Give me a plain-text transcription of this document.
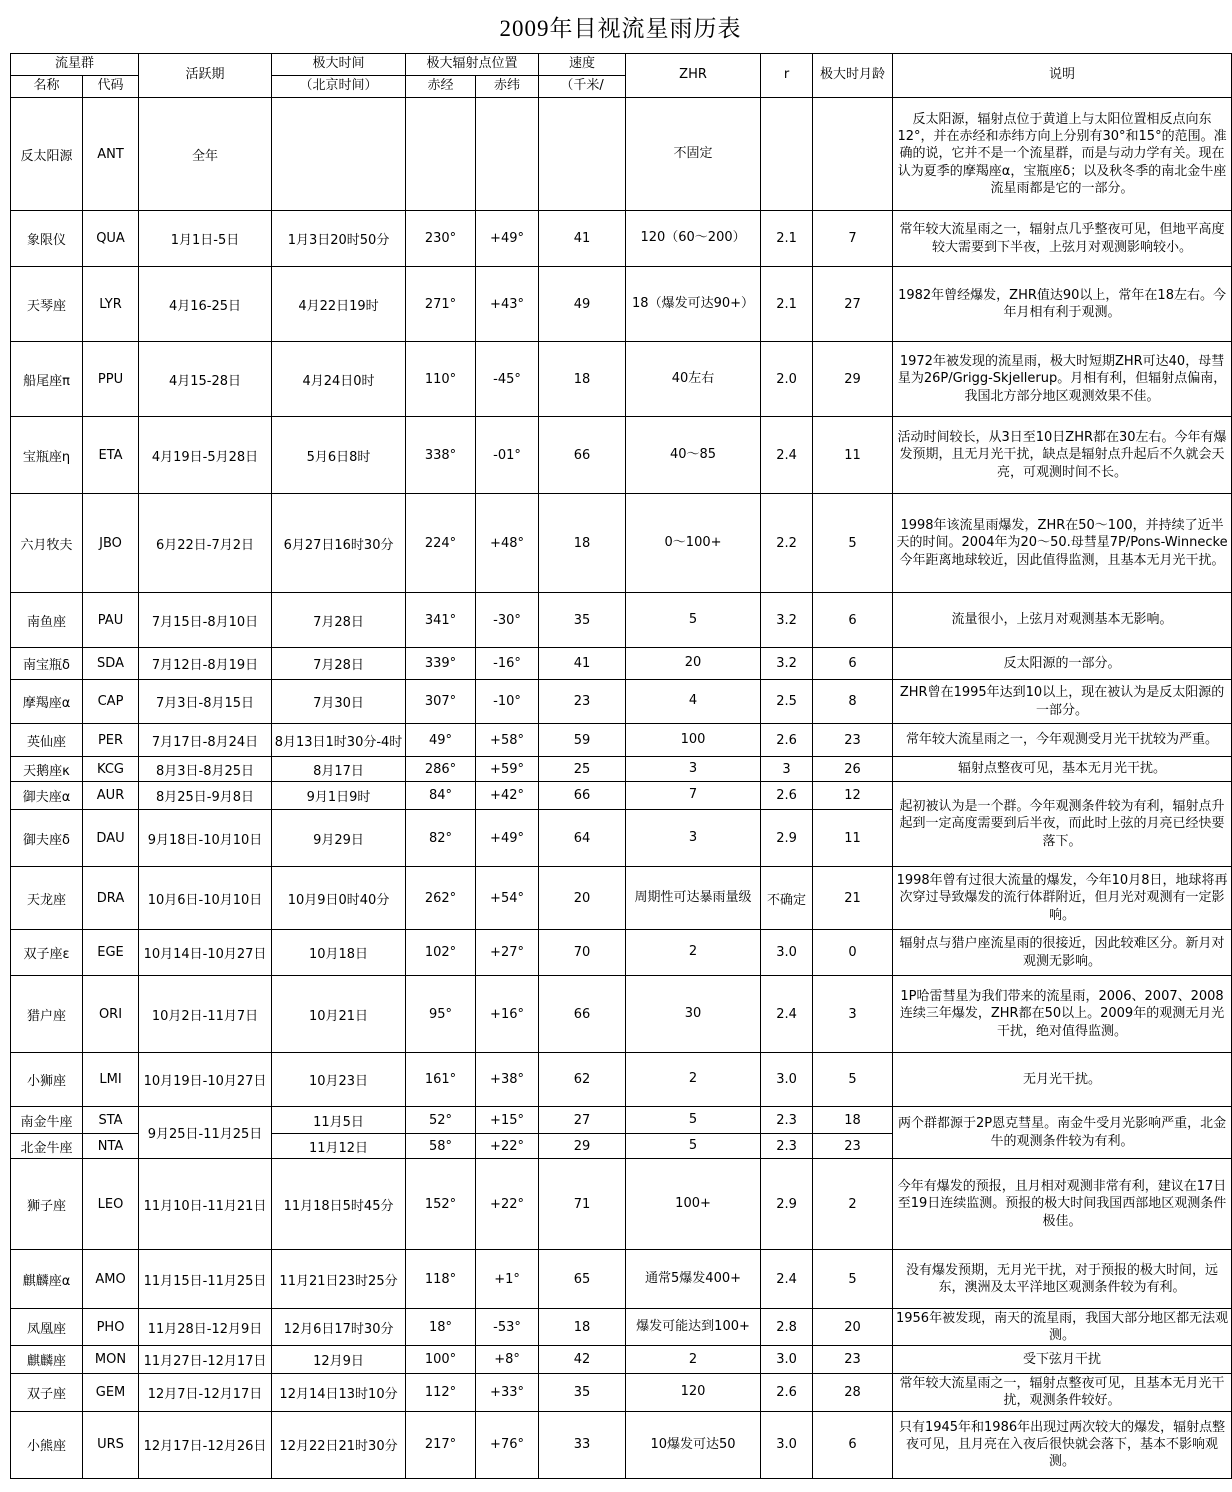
2009年目视流星雨历表
流星群		活跃期	极大时间	极大辐射点位置		速度	ZHR	r	极大时月龄	说明
名称	代码		（北京时间）	赤经	赤纬	（千米/				
反太阳源	ANT	全年					不固定			反太阳源，辐射点位于黄道上与太阳位置相反点向东12°，并在赤经和赤纬方向上分别有30°和15°的范围。准确的说，它并不是一个流星群，而是与动力学有关。现在认为夏季的摩羯座α，宝瓶座δ；以及秋冬季的南北金牛座流星雨都是它的一部分。
象限仪	QUA	1月1日-5日	1月3日20时50分	230°	+49°	41	120（60～200）	2.1	7	常年较大流星雨之一，辐射点几乎整夜可见，但地平高度较大需要到下半夜，上弦月对观测影响较小。
天琴座	LYR	4月16-25日	4月22日19时	271°	+43°	49	18（爆发可达90+）	2.1	27	1982年曾经爆发，ZHR值达90以上，常年在18左右。今年月相有利于观测。
船尾座π	PPU	4月15-28日	4月24日0时	110°	-45°	18	40左右	2.0	29	1972年被发现的流星雨，极大时短期ZHR可达40，母彗星为26P/Grigg-Skjellerup。月相有利，但辐射点偏南，我国北方部分地区观测效果不佳。
宝瓶座η	ETA	4月19日-5月28日	5月6日8时	338°	-01°	66	40～85	2.4	11	活动时间较长，从3日至10日ZHR都在30左右。今年有爆发预期，且无月光干扰，缺点是辐射点升起后不久就会天亮，可观测时间不长。
六月牧夫	JBO	6月22日-7月2日	6月27日16时30分	224°	+48°	18	0～100+	2.2	5	1998年该流星雨爆发，ZHR在50～100，并持续了近半天的时间。2004年为20～50.母彗星7P/Pons-Winnecke今年距离地球较近，因此值得监测，且基本无月光干扰。
南鱼座	PAU	7月15日-8月10日	7月28日	341°	-30°	35	5	3.2	6	流量很小，上弦月对观测基本无影响。
南宝瓶δ	SDA	7月12日-8月19日	7月28日	339°	-16°	41	20	3.2	6	反太阳源的一部分。
摩羯座α	CAP	7月3日-8月15日	7月30日	307°	-10°	23	4	2.5	8	ZHR曾在1995年达到10以上，现在被认为是反太阳源的一部分。
英仙座	PER	7月17日-8月24日	8月13日1时30分-4时	49°	+58°	59	100	2.6	23	常年较大流星雨之一，今年观测受月光干扰较为严重。
天鹅座κ	KCG	8月3日-8月25日	8月17日	286°	+59°	25	3	3	26	辐射点整夜可见，基本无月光干扰。
御夫座α	AUR	8月25日-9月8日	9月1日9时	84°	+42°	66	7	2.6	12	起初被认为是一个群。今年观测条件较为有利，辐射点升起到一定高度需要到后半夜，而此时上弦的月亮已经快要落下。
御夫座δ	DAU	9月18日-10月10日	9月29日	82°	+49°	64	3	2.9	11	
天龙座	DRA	10月6日-10月10日	10月9日0时40分	262°	+54°	20	周期性可达暴雨量级	不确定	21	1998年曾有过很大流量的爆发，今年10月8日，地球将再次穿过导致爆发的流行体群附近，但月光对观测有一定影响。
双子座ε	EGE	10月14日-10月27日	10月18日	102°	+27°	70	2	3.0	0	辐射点与猎户座流星雨的很接近，因此较难区分。新月对观测无影响。
猎户座	ORI	10月2日-11月7日	10月21日	95°	+16°	66	30	2.4	3	1P哈雷彗星为我们带来的流星雨，2006、2007、2008连续三年爆发，ZHR都在50以上。2009年的观测无月光干扰，绝对值得监测。
小狮座	LMI	10月19日-10月27日	10月23日	161°	+38°	62	2	3.0	5	无月光干扰。
南金牛座	STA	9月25日-11月25日	11月5日	52°	+15°	27	5	2.3	18	两个群都源于2P恩克彗星。南金牛受月光影响严重，北金牛的观测条件较为有利。
北金牛座	NTA		11月12日	58°	+22°	29	5	2.3	23	
狮子座	LEO	11月10日-11月21日	11月18日5时45分	152°	+22°	71	100+	2.9	2	今年有爆发的预报，且月相对观测非常有利，建议在17日至19日连续监测。预报的极大时间我国西部地区观测条件极佳。
麒麟座α	AMO	11月15日-11月25日	11月21日23时25分	118°	+1°	65	通常5爆发400+	2.4	5	没有爆发预期，无月光干扰，对于预报的极大时间，远东，澳洲及太平洋地区观测条件较为有利。
凤凰座	PHO	11月28日-12月9日	12月6日17时30分	18°	-53°	18	爆发可能达到100+	2.8	20	1956年被发现，南天的流星雨，我国大部分地区都无法观测。
麒麟座	MON	11月27日-12月17日	12月9日	100°	+8°	42	2	3.0	23	受下弦月干扰
双子座	GEM	12月7日-12月17日	12月14日13时10分	112°	+33°	35	120	2.6	28	常年较大流星雨之一，辐射点整夜可见，且基本无月光干扰，观测条件较好。
小熊座	URS	12月17日-12月26日	12月22日21时30分	217°	+76°	33	10爆发可达50	3.0	6	只有1945年和1986年出现过两次较大的爆发，辐射点整夜可见，且月亮在入夜后很快就会落下，基本不影响观测。
